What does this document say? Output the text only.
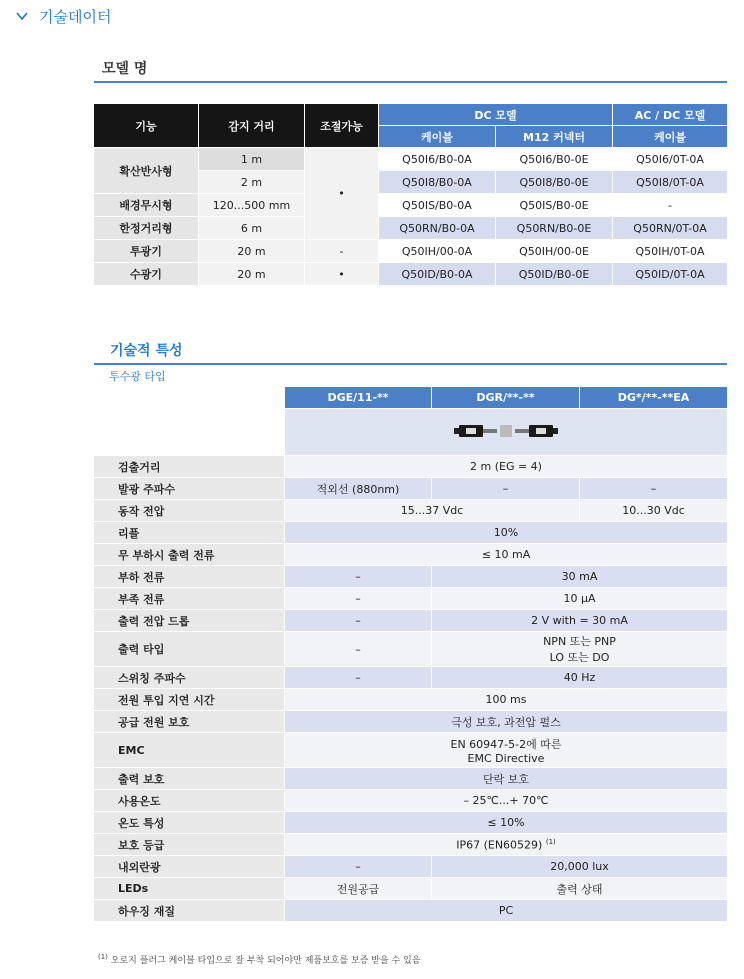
기술데이터
모델 명
기능	감지 거리	조절가능	DC 모델		AC / DC 모델
			케이블	M12 커넥터	케이블
확산반사형	1 m	•	Q50I6/B0-0A	Q50I6/B0-0E	Q50I6/0T-0A
	2 m		Q50I8/B0-0A	Q50I8/B0-0E	Q50I8/0T-0A
배경무시형	120...500 mm		Q50IS/B0-0A	Q50IS/B0-0E	-
한정거리형	6 m		Q50RN/B0-0A	Q50RN/B0-0E	Q50RN/0T-0A
투광기	20 m	-	Q50IH/00-0A	Q50IH/00-0E	Q50IH/0T-0A
수광기	20 m	•	Q50ID/B0-0A	Q50ID/B0-0E	Q50ID/0T-0A
기술적 특성
투수광 타입
	DGE/11-**	DGR/**-**	DG*/**-**EA

검출거리	2 m (EG = 4)		
발광 주파수	적외선 (880nm)	–	–
동작 전압	15...37 Vdc		10...30 Vdc
리플	10%		
무 부하시 출력 전류	≤ 10 mA		
부하 전류	–	30 mA	
부족 전류	–	10 µA	
출력 전압 드롭	–	2 V with = 30 mA	
출력 타입	–	NPN 또는 PNP
LO 또는 DO	

스위칭 주파수	–	40 Hz	
전원 투입 지연 시간	100 ms		
공급 전원 보호	극성 보호, 과전압 펄스		
EMC	EN 60947-5-2에 따른
EMC Directive		

출력 보호	단락 보호		
사용온도	– 25℃...+ 70℃		
온도 특성	≤ 10%		
보호 등급	IP67 (EN60529) $^{(1)}$
내외란광	–	20,000 lux	
LEDs	전원공급	출력 상태	
하우징 재질	PC		
$^{(1)}$ 오로지 플러그 케이블 타입으로 잘 부착 되어야만 제품보호를 보증 받을 수 있음
